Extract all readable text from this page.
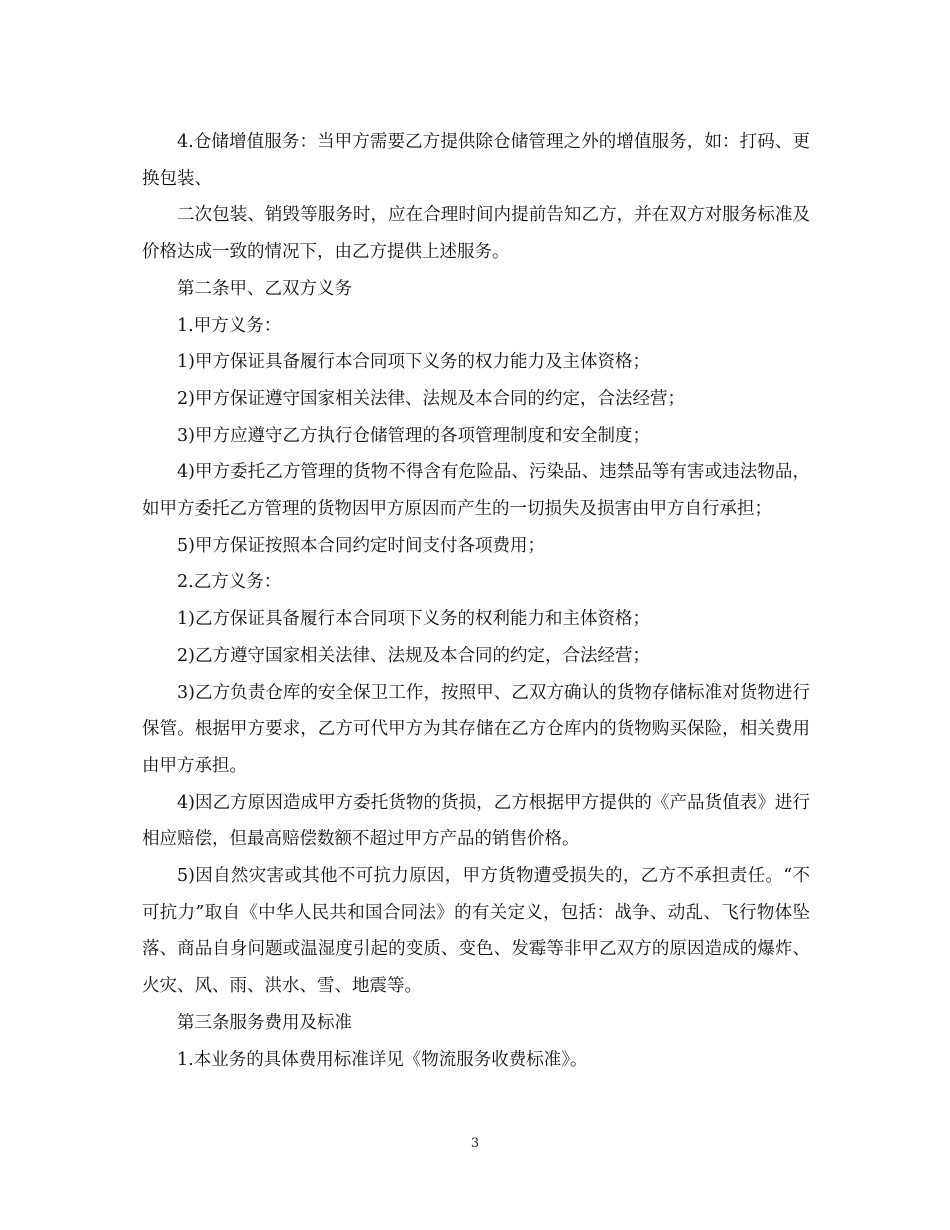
4.仓储增值服务：当甲方需要乙方提供除仓储管理之外的增值服务，如：打码、更换包装、

二次包装、销毁等服务时，应在合理时间内提前告知乙方，并在双方对服务标准及价格达成一致的情况下，由乙方提供上述服务。

第二条甲、乙双方义务

1.甲方义务：

1)甲方保证具备履行本合同项下义务的权力能力及主体资格；

2)甲方保证遵守国家相关法律、法规及本合同的约定，合法经营；

3)甲方应遵守乙方执行仓储管理的各项管理制度和安全制度；

4)甲方委托乙方管理的货物不得含有危险品、污染品、违禁品等有害或违法物品，如甲方委托乙方管理的货物因甲方原因而产生的一切损失及损害由甲方自行承担；

5)甲方保证按照本合同约定时间支付各项费用；

2.乙方义务：

1)乙方保证具备履行本合同项下义务的权利能力和主体资格；

2)乙方遵守国家相关法律、法规及本合同的约定，合法经营；

3)乙方负责仓库的安全保卫工作，按照甲、乙双方确认的货物存储标准对货物进行保管。根据甲方要求，乙方可代甲方为其存储在乙方仓库内的货物购买保险，相关费用由甲方承担。

4)因乙方原因造成甲方委托货物的货损，乙方根据甲方提供的《产品货值表》进行相应赔偿，但最高赔偿数额不超过甲方产品的销售价格。

5)因自然灾害或其他不可抗力原因，甲方货物遭受损失的，乙方不承担责任。“不可抗力”取自《中华人民共和国合同法》的有关定义，包括：战争、动乱、飞行物体坠落、商品自身问题或温湿度引起的变质、变色、发霉等非甲乙双方的原因造成的爆炸、火灾、风、雨、洪水、雪、地震等。

第三条服务费用及标准

1.本业务的具体费用标准详见《物流服务收费标准》。

3
